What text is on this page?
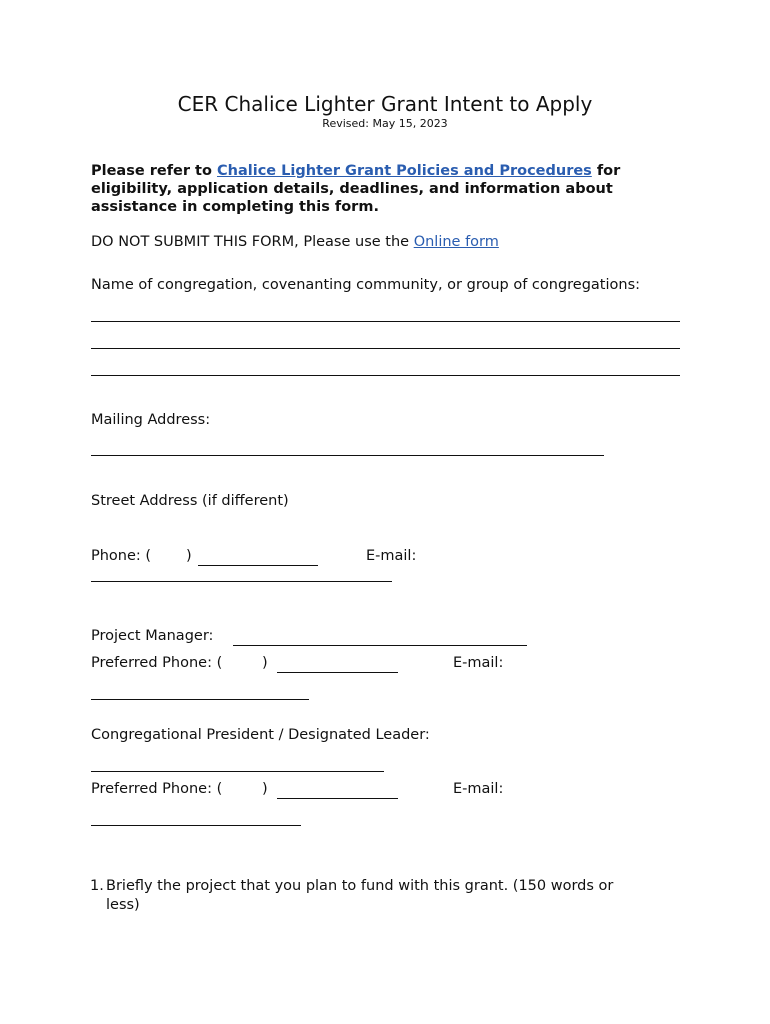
CER Chalice Lighter Grant Intent to Apply
Revised: May 15, 2023
Please refer to Chalice Lighter Grant Policies and Procedures for eligibility, application details, deadlines, and information about assistance in completing this form.
DO NOT SUBMIT THIS FORM, Please use the Online form
Name of congregation, covenanting community, or group of congregations:
Mailing Address:
Street Address (if different)
Phone: ( )	E-mail:
Project Manager:
Preferred Phone: (	)	E-mail:
Congregational President / Designated Leader:
Preferred Phone: (	)	E-mail:
1. Briefly the project that you plan to fund with this grant. (150 words or
less)
